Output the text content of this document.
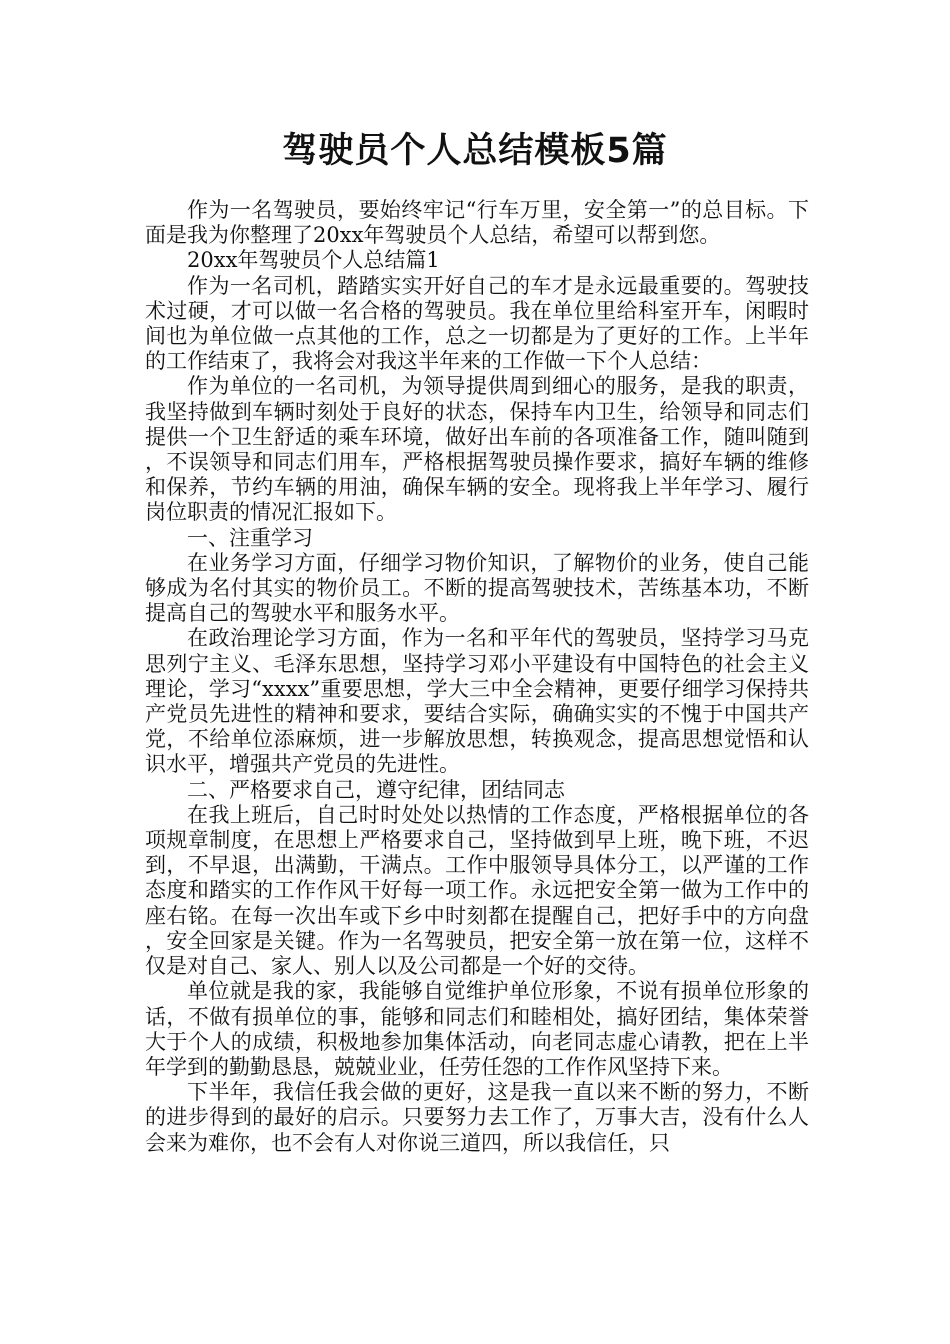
驾驶员个人总结模板5篇

作为一名驾驶员，要始终牢记“行车万里，安全第一”的总目标。下面是我为你整理了20xx年驾驶员个人总结，希望可以帮到您。

20xx年驾驶员个人总结篇1

作为一名司机，踏踏实实开好自己的车才是永远最重要的。驾驶技术过硬，才可以做一名合格的驾驶员。我在单位里给科室开车，闲暇时间也为单位做一点其他的工作，总之一切都是为了更好的工作。上半年的工作结束了，我将会对我这半年来的工作做一下个人总结：

作为单位的一名司机，为领导提供周到细心的服务，是我的职责，我坚持做到车辆时刻处于良好的状态，保持车内卫生，给领导和同志们提供一个卫生舒适的乘车环境，做好出车前的各项准备工作，随叫随到，不误领导和同志们用车，严格根据驾驶员操作要求，搞好车辆的维修和保养，节约车辆的用油，确保车辆的安全。现将我上半年学习、履行岗位职责的情况汇报如下。

一、注重学习

在业务学习方面，仔细学习物价知识，了解物价的业务，使自己能够成为名付其实的物价员工。不断的提高驾驶技术，苦练基本功，不断提高自己的驾驶水平和服务水平。

在政治理论学习方面，作为一名和平年代的驾驶员，坚持学习马克思列宁主义、毛泽东思想，坚持学习邓小平建设有中国特色的社会主义理论，学习“xxxx”重要思想，学大三中全会精神，更要仔细学习保持共产党员先进性的精神和要求，要结合实际，确确实实的不愧于中国共产党，不给单位添麻烦，进一步解放思想，转换观念，提高思想觉悟和认识水平，增强共产党员的先进性。

二、严格要求自己，遵守纪律，团结同志

在我上班后，自己时时处处以热情的工作态度，严格根据单位的各项规章制度，在思想上严格要求自己，坚持做到早上班，晚下班，不迟到，不早退，出满勤，干满点。工作中服领导具体分工，以严谨的工作态度和踏实的工作作风干好每一项工作。永远把安全第一做为工作中的座右铭。在每一次出车或下乡中时刻都在提醒自己，把好手中的方向盘，安全回家是关键。作为一名驾驶员，把安全第一放在第一位，这样不仅是对自己、家人、别人以及公司都是一个好的交待。

单位就是我的家，我能够自觉维护单位形象，不说有损单位形象的话，不做有损单位的事，能够和同志们和睦相处，搞好团结，集体荣誉大于个人的成绩，积极地参加集体活动，向老同志虚心请教，把在上半年学到的勤勤恳恳，兢兢业业，任劳任怨的工作作风坚持下来。

下半年，我信任我会做的更好，这是我一直以来不断的努力，不断的进步得到的最好的启示。只要努力去工作了，万事大吉，没有什么人会来为难你，也不会有人对你说三道四，所以我信任，只
